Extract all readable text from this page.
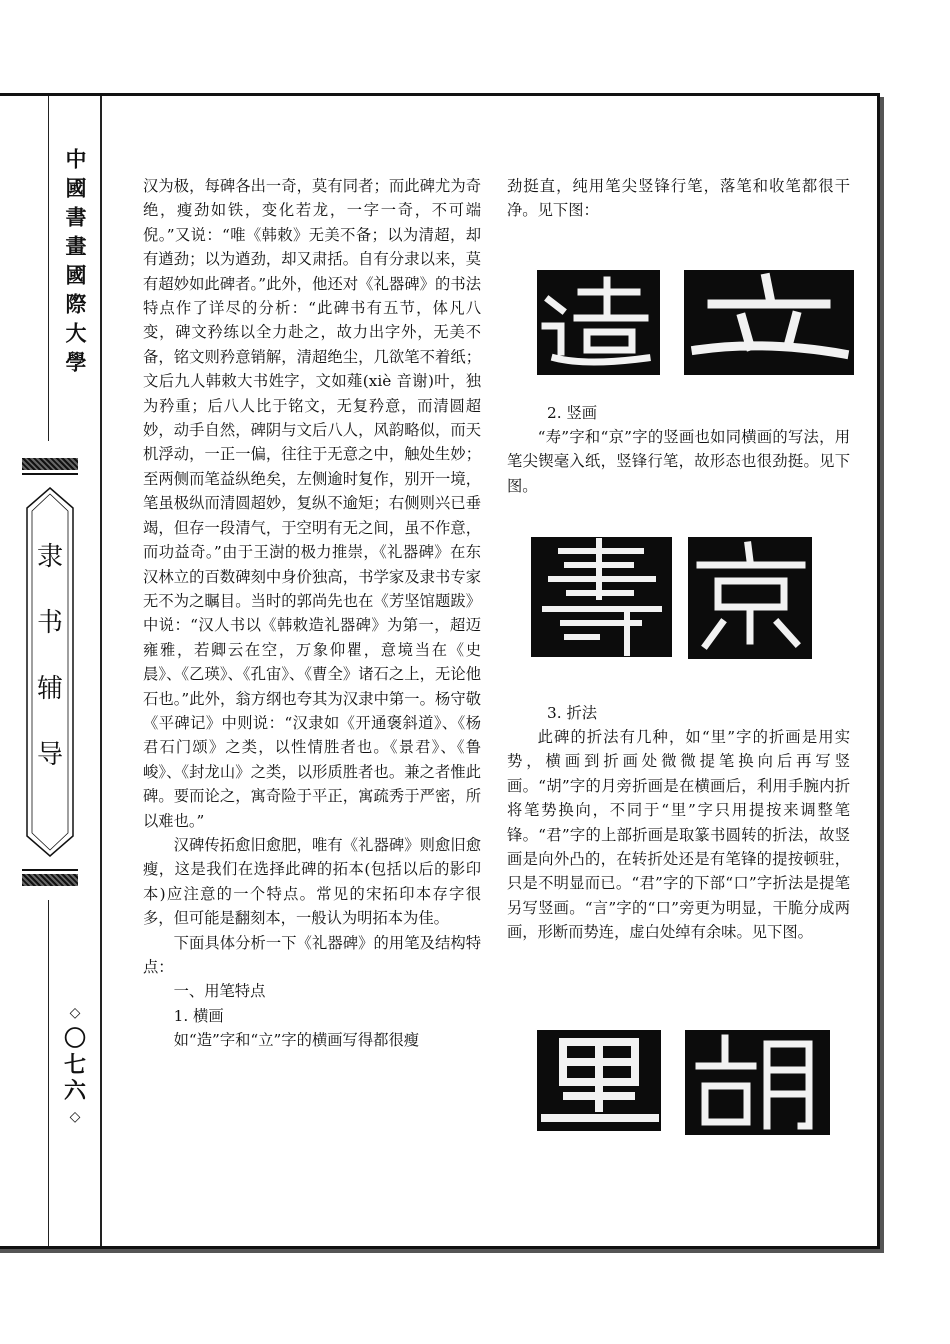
中國書畫國際大學
隶
书
辅
导
◇
〇
七
六
◇

汉为极，每碑各出一奇，莫有同者；而此碑尤为奇绝，瘦劲如铁，变化若龙，一字一奇，不可端倪。”又说：“唯《韩敕》无美不备；以为清超，却有遒劲；以为遒劲，却又肃括。自有分隶以来，莫有超妙如此碑者。”此外，他还对《礼器碑》的书法特点作了详尽的分析：“此碑书有五节，体凡八变，碑文矜练以全力赴之，故力出字外，无美不备，铭文则矜意销解，清超绝尘，几欲笔不着纸；文后九人韩敕大书姓字，文如薤(xiè 音谢)叶，独为矜重；后八人比于铭文，无复矜意，而清圆超妙，动手自然，碑阴与文后八人，风韵略似，而天机浮动，一正一偏，往往于无意之中，触处生妙；至两侧而笔益纵绝矣，左侧逾时复作，别开一境，笔虽极纵而清圆超妙，复纵不逾矩；右侧则兴已垂竭，但存一段清气，于空明有无之间，虽不作意，而功益奇。”由于王澍的极力推崇，《礼器碑》在东汉林立的百数碑刻中身价独高，书学家及隶书专家无不为之瞩目。当时的郭尚先也在《芳坚馆题跋》中说：“汉人书以《韩敕造礼器碑》为第一，超迈雍雅，若卿云在空，万象仰瞿，意境当在《史晨》、《乙瑛》、《孔宙》、《曹全》诸石之上，无论他石也。”此外，翁方纲也夸其为汉隶中第一。杨守敬《平碑记》中则说：“汉隶如《开通褒斜道》、《杨君石门颂》之类，以性情胜者也。《景君》、《鲁峻》、《封龙山》之类，以形质胜者也。兼之者惟此碑。要而论之，寓奇险于平正，寓疏秀于严密，所以难也。”

汉碑传拓愈旧愈肥，唯有《礼器碑》则愈旧愈瘦，这是我们在选择此碑的拓本(包括以后的影印本)应注意的一个特点。常见的宋拓印本存字很多，但可能是翻刻本，一般认为明拓本为佳。

下面具体分析一下《礼器碑》的用笔及结构特点：

一、用笔特点

1. 横画

如“造”字和“立”字的横画写得都很瘦

劲挺直，纯用笔尖竖锋行笔，落笔和收笔都很干净。见下图：

造	立
2. 竖画

“寿”字和“京”字的竖画也如同横画的写法，用笔尖锲毫入纸，竖锋行笔，故形态也很劲挺。见下图。

寿
京
3. 折法

此碑的折法有几种，如“里”字的折画是用实势，横画到折画处微微提笔换向后再写竖画。“胡”字的月旁折画是在横画后，利用手腕内折将笔势换向，不同于“里”字只用提按来调整笔锋。“君”字的上部折画是取篆书圆转的折法，故竖画是向外凸的，在转折处还是有笔锋的提按顿驻，只是不明显而已。“君”字的下部“口”字折法是提笔另写竖画。“言”字的“口”旁更为明显，干脆分成两画，形断而势连，虚白处绰有余味。见下图。

里
胡
